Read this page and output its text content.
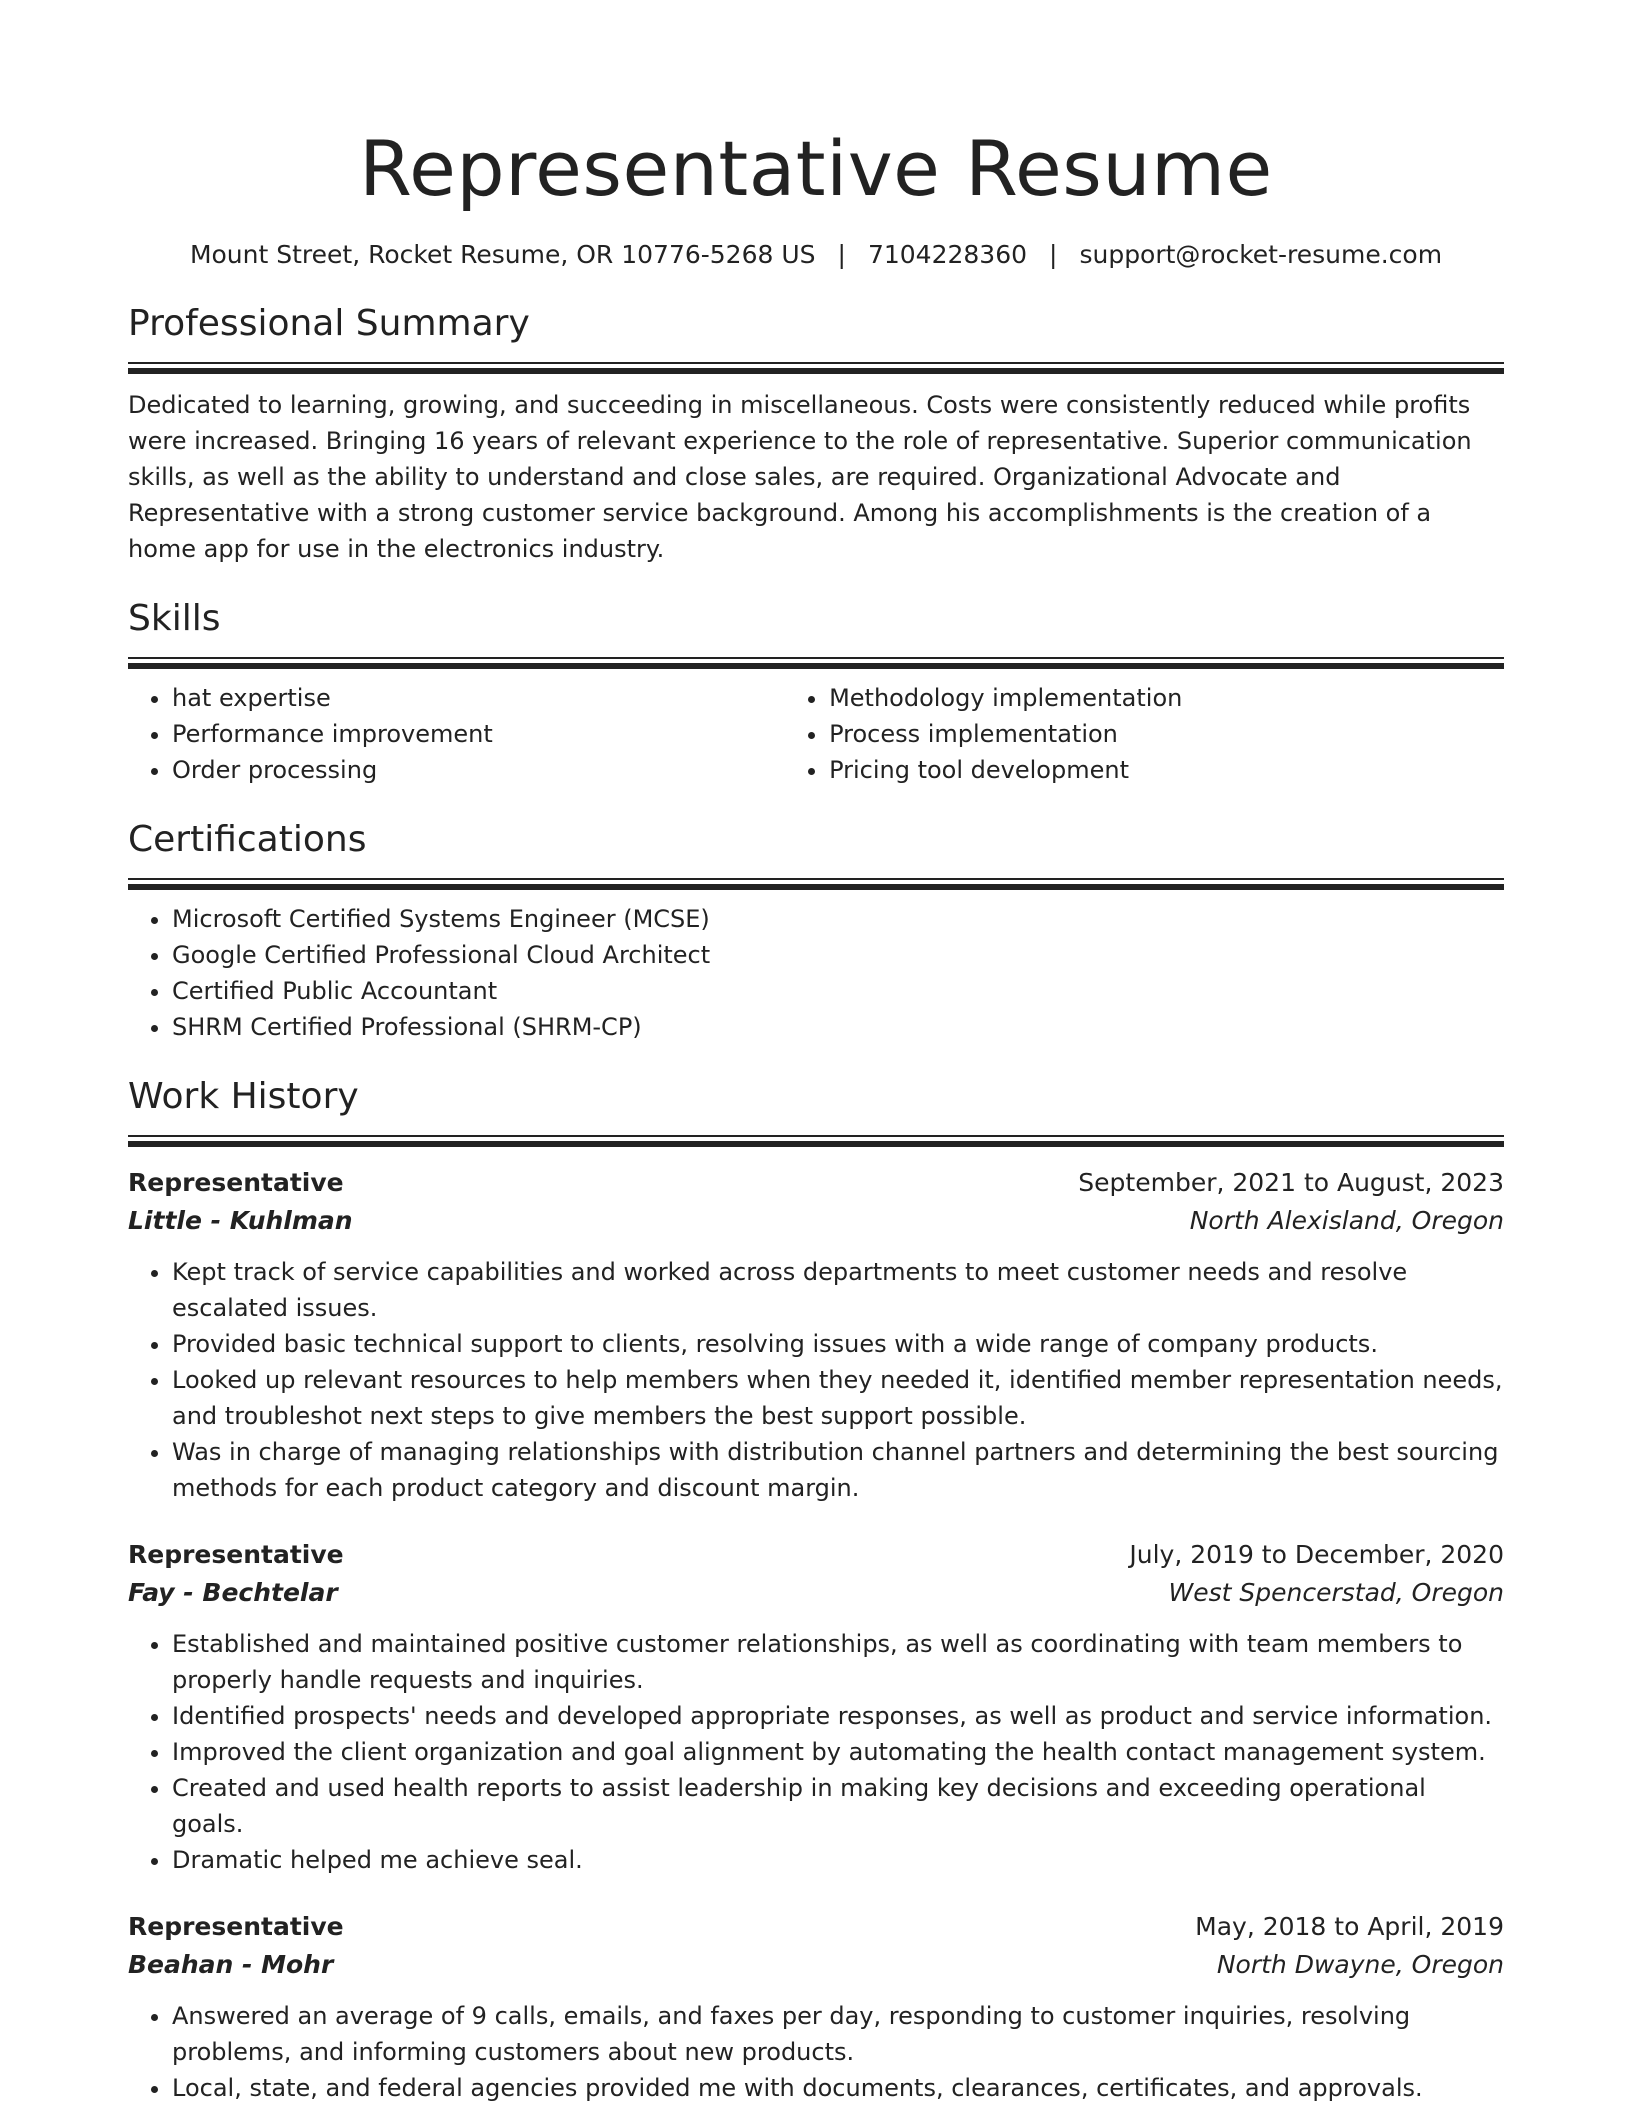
Representative Resume
Mount Street, Rocket Resume, OR 10776-5268 US | 7104228360 | support@rocket-resume.com
Professional Summary
Dedicated to learning, growing, and succeeding in miscellaneous. Costs were consistently reduced while profits were increased. Bringing 16 years of relevant experience to the role of representative. Superior communication skills, as well as the ability to understand and close sales, are required. Organizational Advocate and Representative with a strong customer service background. Among his accomplishments is the creation of a home app for use in the electronics industry.
Skills
• hat expertise
• Performance improvement
• Order processing
• Methodology implementation
• Process implementation
• Pricing tool development
Certifications
• Microsoft Certified Systems Engineer (MCSE)
• Google Certified Professional Cloud Architect
• Certified Public Accountant
• SHRM Certified Professional (SHRM-CP)
Work History
Representative	September, 2021 to August, 2023
Little - Kuhlman	North Alexisland, Oregon
• Kept track of service capabilities and worked across departments to meet customer needs and resolve escalated issues.
• Provided basic technical support to clients, resolving issues with a wide range of company products.
• Looked up relevant resources to help members when they needed it, identified member representation needs, and troubleshot next steps to give members the best support possible.
• Was in charge of managing relationships with distribution channel partners and determining the best sourcing methods for each product category and discount margin.
Representative	July, 2019 to December, 2020
Fay - Bechtelar	West Spencerstad, Oregon
• Established and maintained positive customer relationships, as well as coordinating with team members to properly handle requests and inquiries.
• Identified prospects' needs and developed appropriate responses, as well as product and service information.
• Improved the client organization and goal alignment by automating the health contact management system.
• Created and used health reports to assist leadership in making key decisions and exceeding operational goals.
• Dramatic helped me achieve seal.
Representative	May, 2018 to April, 2019
Beahan - Mohr	North Dwayne, Oregon
• Answered an average of 9 calls, emails, and faxes per day, responding to customer inquiries, resolving problems, and informing customers about new products.
• Local, state, and federal agencies provided me with documents, clearances, certificates, and approvals.
